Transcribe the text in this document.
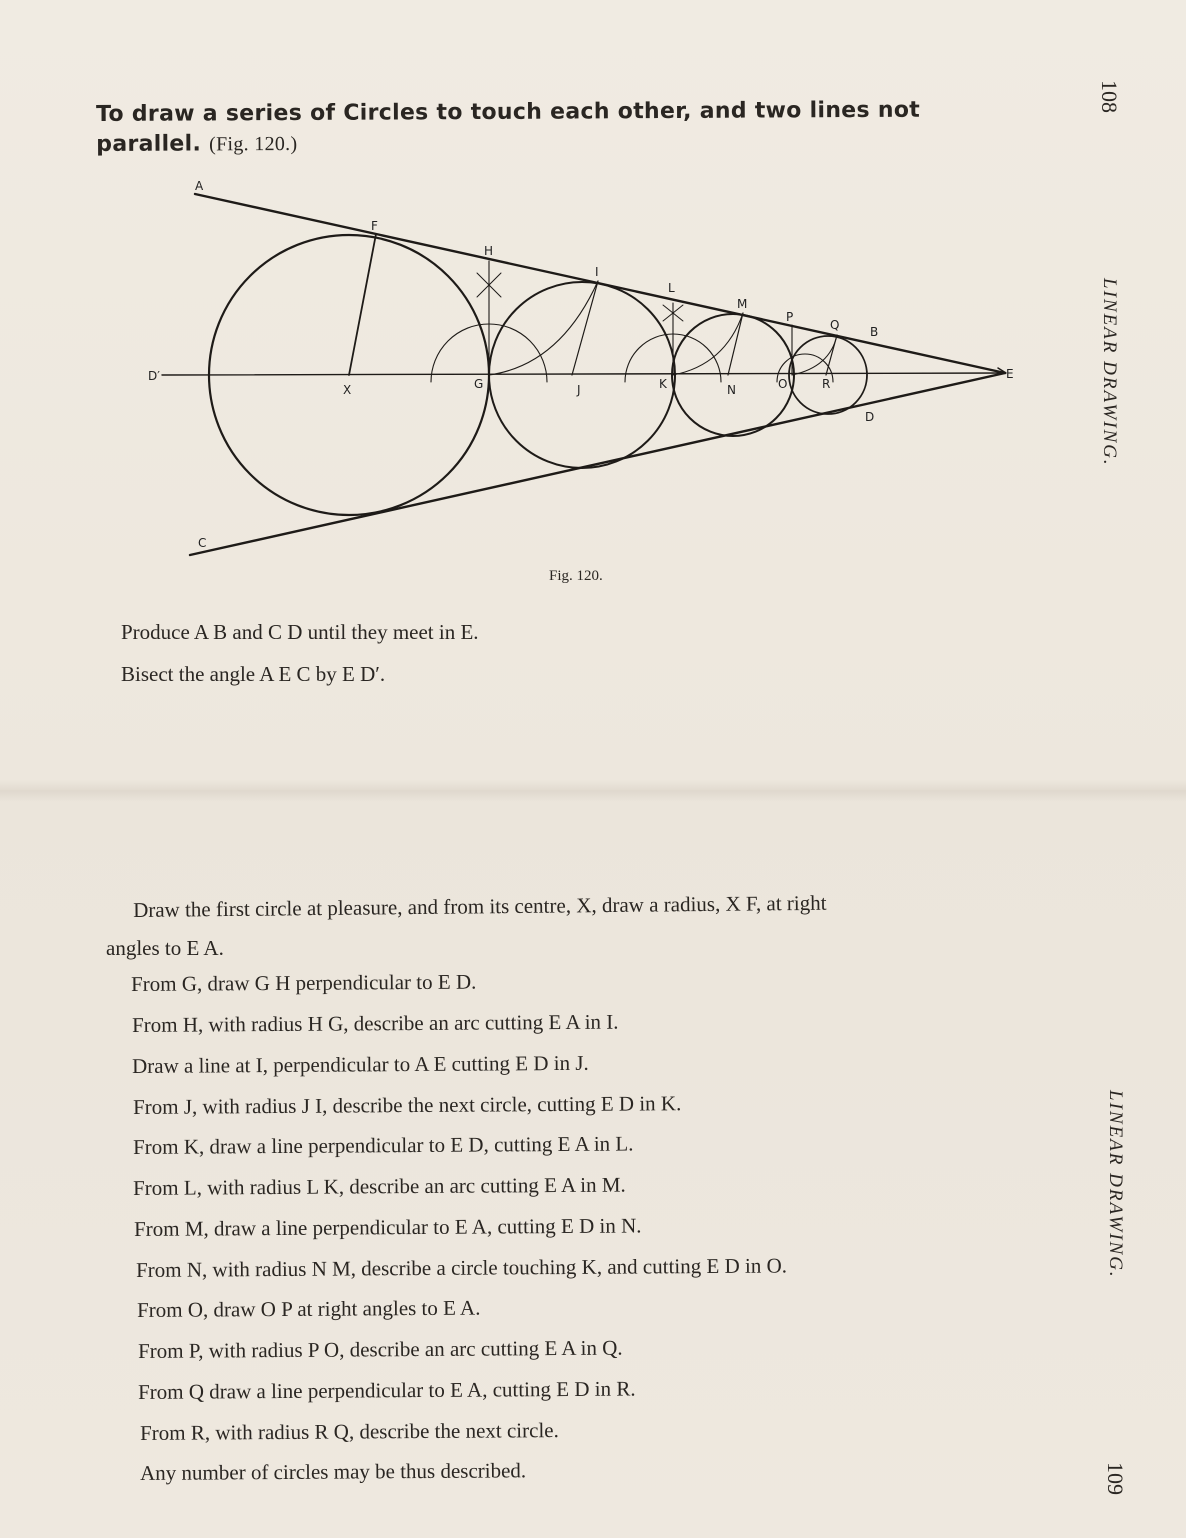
108
LINEAR DRAWING.
To draw a series of Circles to touch each other, and two lines not
parallel. (Fig. 120.)
A
F
H
I
L
M
P
Q	B
D′
X	G	J	K	N	O	R
E
D
C
Fig. 120.
Produce A B and C D until they meet in E.
Bisect the angle A E C by E D′.
LINEAR DRAWING.
109
Draw the first circle at pleasure, and from its centre, X, draw a radius, X F, at right
angles to E A.
From G, draw G H perpendicular to E D.
From H, with radius H G, describe an arc cutting E A in I.
Draw a line at I, perpendicular to A E cutting E D in J.
From J, with radius J I, describe the next circle, cutting E D in K.
From K, draw a line perpendicular to E D, cutting E A in L.
From L, with radius L K, describe an arc cutting E A in M.
From M, draw a line perpendicular to E A, cutting E D in N.
From N, with radius N M, describe a circle touching K, and cutting E D in O.
From O, draw O P at right angles to E A.
From P, with radius P O, describe an arc cutting E A in Q.
From Q draw a line perpendicular to E A, cutting E D in R.
From R, with radius R Q, describe the next circle.
Any number of circles may be thus described.
